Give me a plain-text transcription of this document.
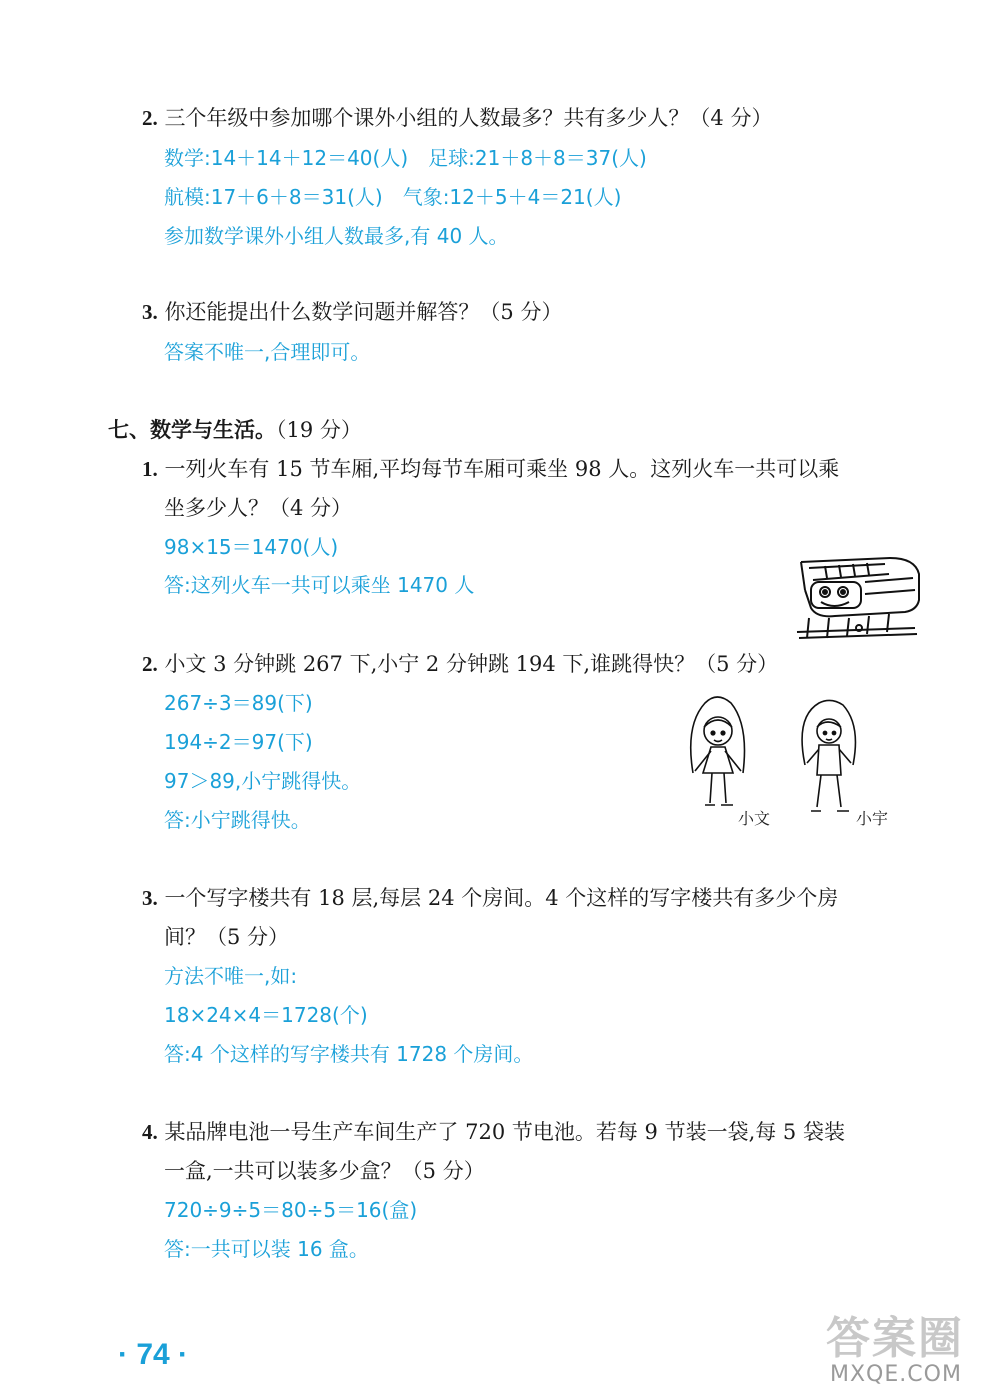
2. 三个年级中参加哪个课外小组的人数最多？共有多少人？（4 分）
数学:14＋14＋12＝40(人)　足球:21＋8＋8＝37(人)
航模:17＋6＋8＝31(人)　气象:12＋5＋4＝21(人)
参加数学课外小组人数最多,有 40 人。
3. 你还能提出什么数学问题并解答？（5 分）
答案不唯一,合理即可。
七、数学与生活。（19 分）
1. 一列火车有 15 节车厢,平均每节车厢可乘坐 98 人。这列火车一共可以乘
坐多少人？（4 分）
98×15＝1470(人)
答:这列火车一共可以乘坐 1470 人
2. 小文 3 分钟跳 267 下,小宁 2 分钟跳 194 下,谁跳得快？（5 分）
267÷3＝89(下)
194÷2＝97(下)
97＞89,小宁跳得快。
答:小宁跳得快。	小文	小宇
3. 一个写字楼共有 18 层,每层 24 个房间。4 个这样的写字楼共有多少个房
间？（5 分）
方法不唯一,如:
18×24×4＝1728(个)
答:4 个这样的写字楼共有 1728 个房间。
4. 某品牌电池一号生产车间生产了 720 节电池。若每 9 节装一袋,每 5 袋装
一盒,一共可以装多少盒？（5 分）
720÷9÷5＝80÷5＝16(盒)
答:一共可以装 16 盒。
· 74 ·	答案圈
MXQE.COM
